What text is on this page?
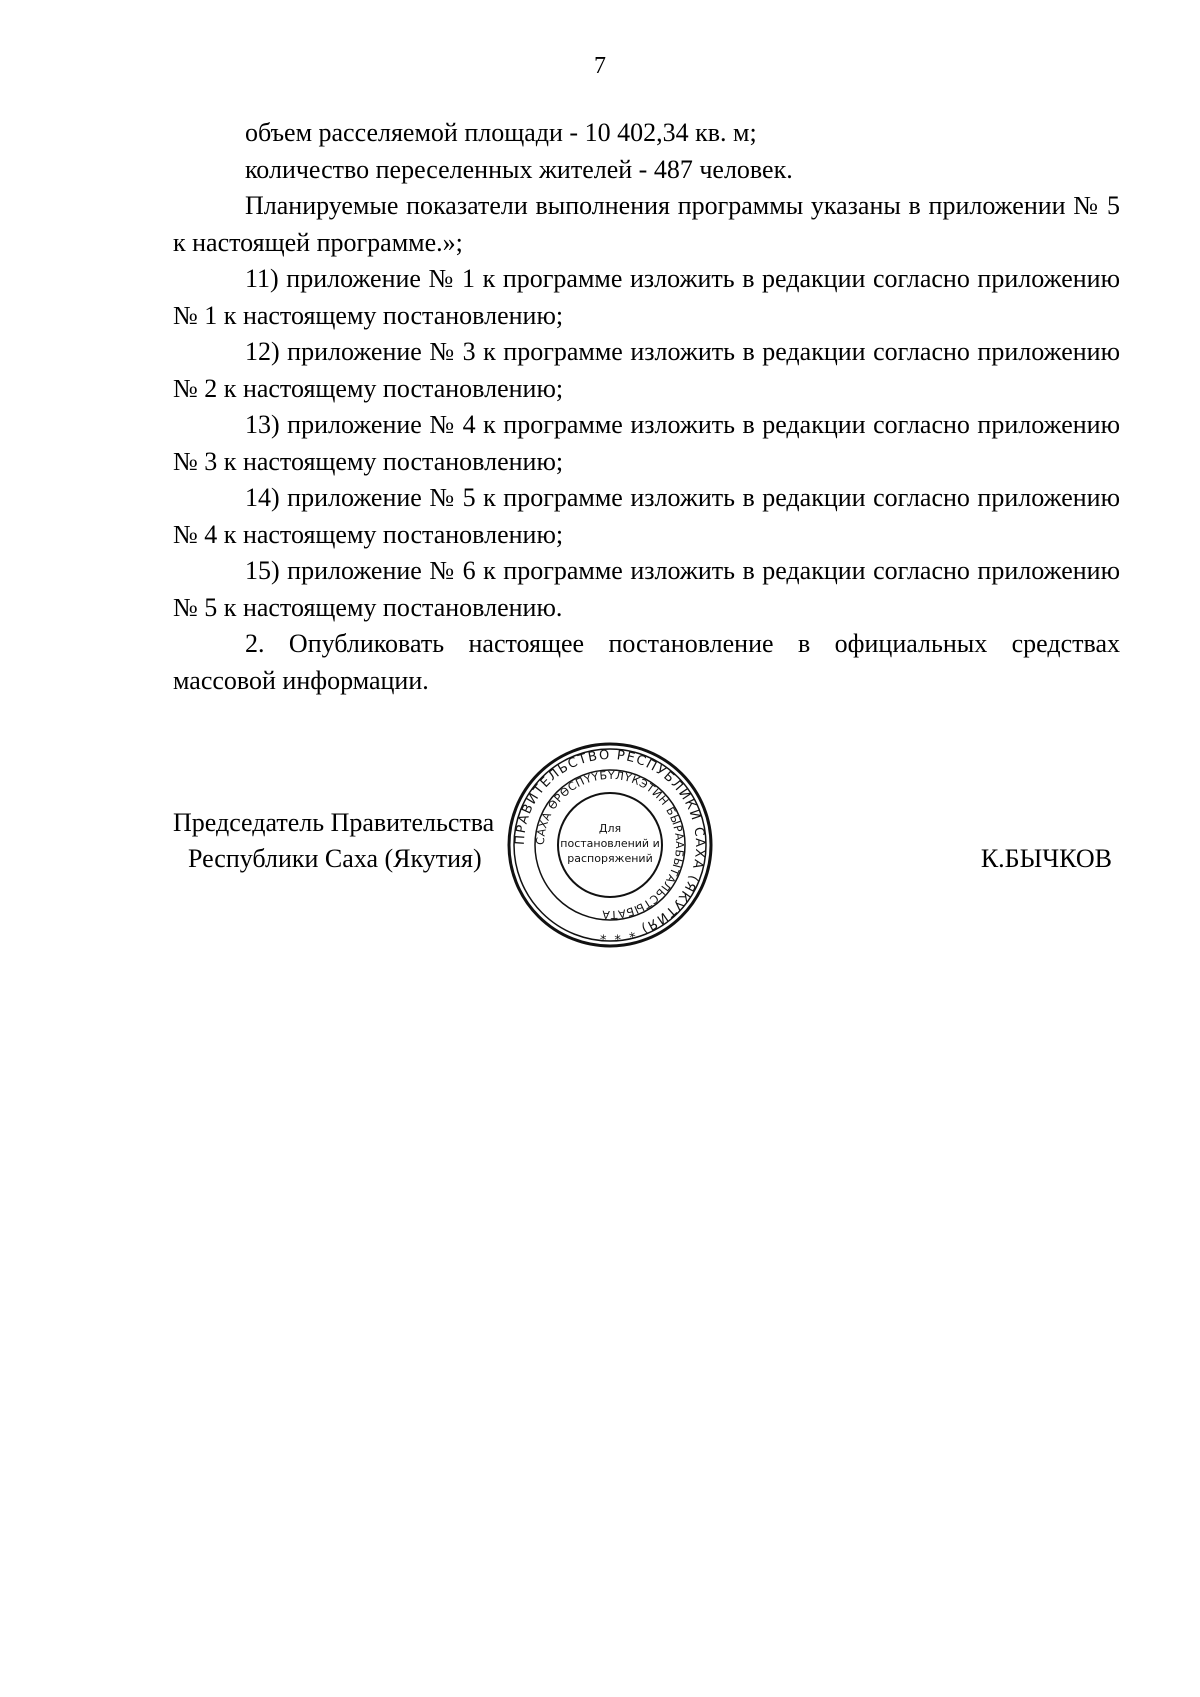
7

объем расселяемой площади - 10 402,34 кв. м;

количество переселенных жителей - 487 человек.

Планируемые показатели выполнения программы указаны в приложении № 5 к настоящей программе.»;

11) приложение № 1 к программе изложить в редакции согласно приложению № 1 к настоящему постановлению;

12) приложение № 3 к программе изложить в редакции согласно приложению № 2 к настоящему постановлению;

13) приложение № 4 к программе изложить в редакции согласно приложению № 3 к настоящему постановлению;

14) приложение № 5 к программе изложить в редакции согласно приложению № 4 к настоящему постановлению;

15) приложение № 6 к программе изложить в редакции согласно приложению № 5 к настоящему постановлению.

2. Опубликовать настоящее постановление в официальных средствах массовой информации.

Председатель Правительства
Республики Саха (Якутия)	К.БЫЧКОВ
ПРАВИТЕЛЬСТВО РЕСПУБЛИКИ САХА (ЯКУТИЯ) * * *
САХА ӨРӨСПҮҮБҮЛҮКЭТИН БЫРААБЫТАЛЬСТЫБАТА
Для
постановлений и
распоряжений
